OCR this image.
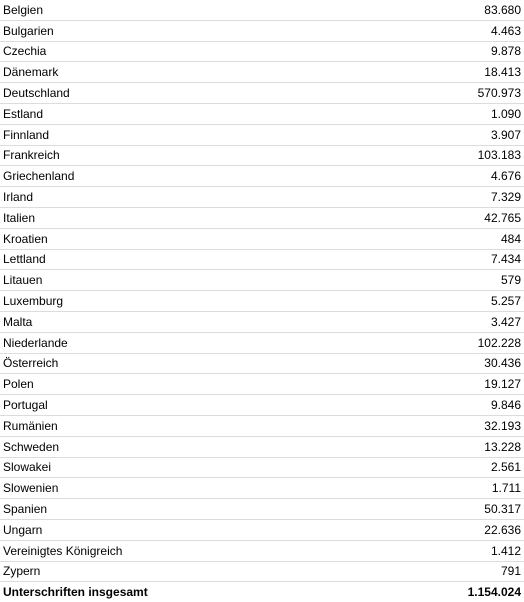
Belgien	83.680
Bulgarien	4.463
Czechia	9.878
Dänemark	18.413
Deutschland	570.973
Estland	1.090
Finnland	3.907
Frankreich	103.183
Griechenland	4.676
Irland	7.329
Italien	42.765
Kroatien	484
Lettland	7.434
Litauen	579
Luxemburg	5.257
Malta	3.427
Niederlande	102.228
Österreich	30.436
Polen	19.127
Portugal	9.846
Rumänien	32.193
Schweden	13.228
Slowakei	2.561
Slowenien	1.711
Spanien	50.317
Ungarn	22.636
Vereinigtes Königreich	1.412
Zypern	791
Unterschriften insgesamt	1.154.024
